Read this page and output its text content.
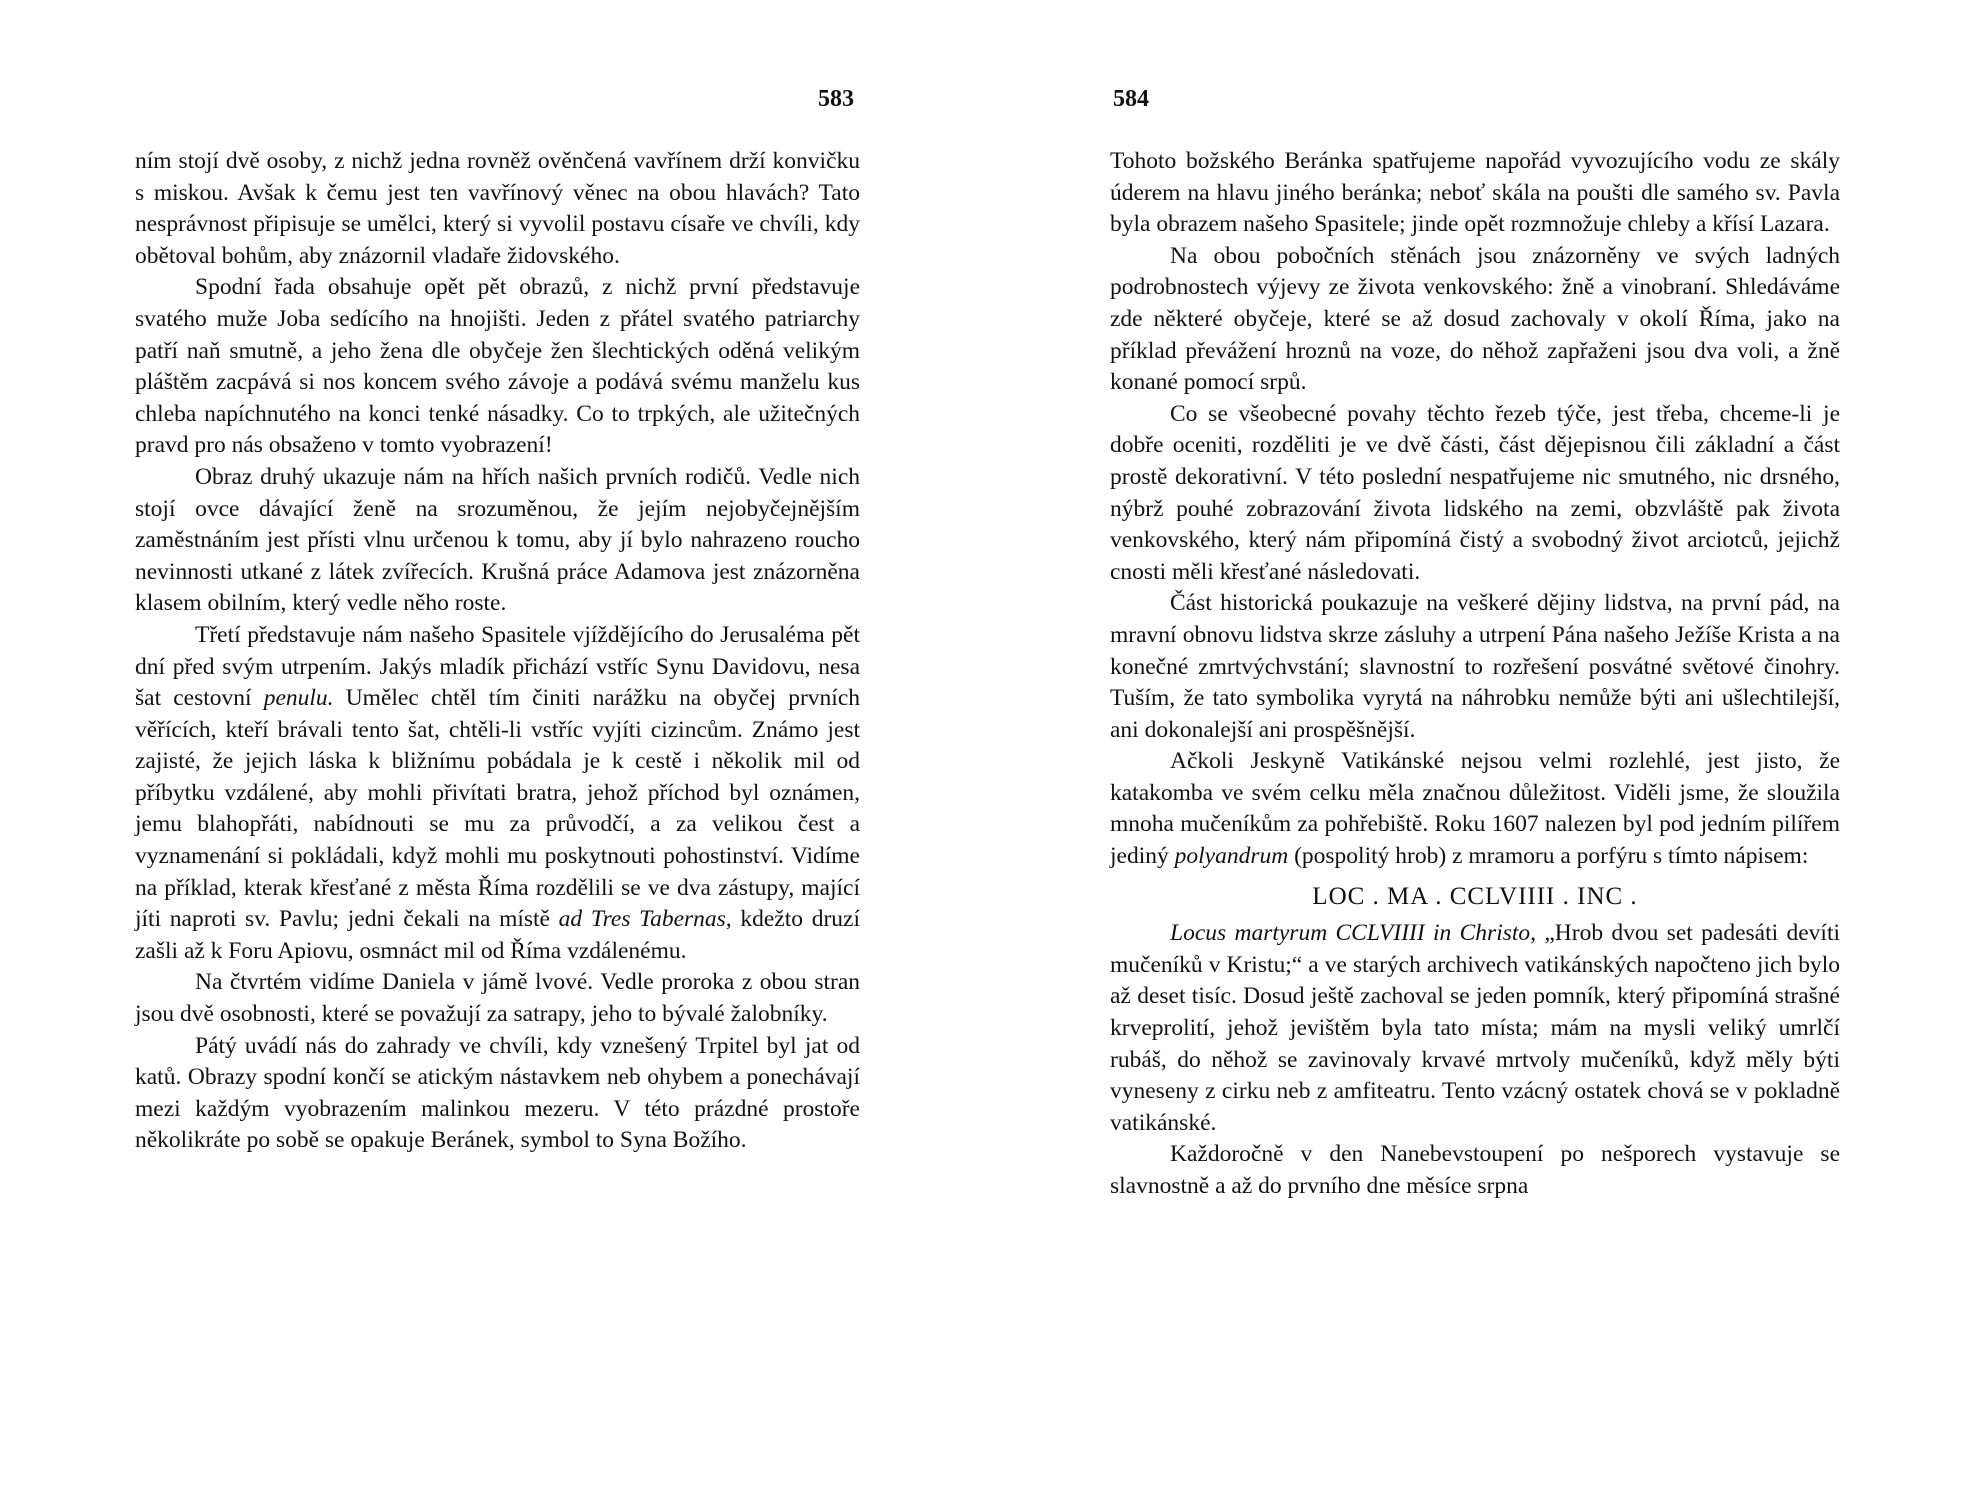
583

ním stojí dvě osoby, z nichž jedna rovněž ověnčená vavřínem drží konvičku s miskou. Avšak k čemu jest ten vavřínový věnec na obou hlavách? Tato nesprávnost připisuje se umělci, který si vyvolil postavu císaře ve chvíli, kdy obětoval bohům, aby znázornil vladaře židovského.

Spodní řada obsahuje opět pět obrazů, z nichž první představuje svatého muže Joba sedícího na hnojišti. Jeden z přátel svatého patriarchy patří naň smutně, a jeho žena dle obyčeje žen šlechtických oděná velikým pláštěm zacpává si nos koncem svého závoje a podává svému manželu kus chleba napíchnutého na konci tenké násadky. Co to trpkých, ale užitečných pravd pro nás obsaženo v tomto vyobrazení!

Obraz druhý ukazuje nám na hřích našich prvních rodičů. Vedle nich stojí ovce dávající ženě na srozuměnou, že jejím nejobyčejnějším zaměstnáním jest přísti vlnu určenou k tomu, aby jí bylo nahrazeno roucho nevinnosti utkané z látek zvířecích. Krušná práce Adamova jest znázorněna klasem obilním, který vedle něho roste.

Třetí představuje nám našeho Spasitele vjíždějícího do Jerusaléma pět dní před svým utrpením. Jakýs mladík přichází vstříc Synu Davidovu, nesa šat cestovní penulu. Umělec chtěl tím činiti narážku na obyčej prvních věřících, kteří brávali tento šat, chtěli-li vstříc vyjíti cizincům. Známo jest zajisté, že jejich láska k bližnímu pobádala je k cestě i několik mil od příbytku vzdálené, aby mohli přivítati bratra, jehož příchod byl oznámen, jemu blahopřáti, nabídnouti se mu za průvodčí, a za velikou čest a vyznamenání si pokládali, když mohli mu poskytnouti pohostinství. Vidíme na příklad, kterak křesťané z města Říma rozdělili se ve dva zástupy, mající jíti naproti sv. Pavlu; jedni čekali na místě ad Tres Tabernas, kdežto druzí zašli až k Foru Apiovu, osmnáct mil od Říma vzdálenému.

Na čtvrtém vidíme Daniela v jámě lvové. Vedle proroka z obou stran jsou dvě osobnosti, které se považují za satrapy, jeho to bývalé žalobníky.

Pátý uvádí nás do zahrady ve chvíli, kdy vznešený Trpitel byl jat od katů. Obrazy spodní končí se atickým nástavkem neb ohybem a ponechávají mezi každým vyobrazením malinkou mezeru. V této prázdné prostoře několikráte po sobě se opakuje Beránek, symbol to Syna Božího.

584

Tohoto božského Beránka spatřujeme napořád vyvozujícího vodu ze skály úderem na hlavu jiného beránka; neboť skála na poušti dle samého sv. Pavla byla obrazem našeho Spasitele; jinde opět rozmnožuje chleby a křísí Lazara.

Na obou pobočních stěnách jsou znázorněny ve svých ladných podrobnostech výjevy ze života venkovského: žně a vinobraní. Shledáváme zde některé obyčeje, které se až dosud zachovaly v okolí Říma, jako na příklad převážení hroznů na voze, do něhož zapřaženi jsou dva voli, a žně konané pomocí srpů.

Co se všeobecné povahy těchto řezeb týče, jest třeba, chceme-li je dobře oceniti, rozděliti je ve dvě části, část dějepisnou čili základní a část prostě dekorativní. V této poslední nespatřujeme nic smutného, nic drsného, nýbrž pouhé zobrazování života lidského na zemi, obzvláště pak života venkovského, který nám připomíná čistý a svobodný život arciotců, jejichž cnosti měli křesťané následovati.

Část historická poukazuje na veškeré dějiny lidstva, na první pád, na mravní obnovu lidstva skrze zásluhy a utrpení Pána našeho Ježíše Krista a na konečné zmrtvýchvstání; slavnostní to rozřešení posvátné světové činohry. Tuším, že tato symbolika vyrytá na náhrobku nemůže býti ani ušlechtilejší, ani dokonalejší ani prospěšnější.

Ačkoli Jeskyně Vatikánské nejsou velmi rozlehlé, jest jisto, že katakomba ve svém celku měla značnou důležitost. Viděli jsme, že sloužila mnoha mučeníkům za pohřebiště. Roku 1607 nalezen byl pod jedním pilířem jediný polyandrum (pospolitý hrob) z mramoru a porfýru s tímto nápisem:

LOC . MA . CCLVIIII . INC .

Locus martyrum CCLVIIII in Christo, „Hrob dvou set padesáti devíti mučeníků v Kristu;“ a ve starých archivech vatikánských napočteno jich bylo až deset tisíc. Dosud ještě zachoval se jeden pomník, který připomíná strašné krveprolití, jehož jevištěm byla tato místa; mám na mysli veliký umrlčí rubáš, do něhož se zavinovaly krvavé mrtvoly mučeníků, když měly býti vyneseny z cirku neb z amfiteatru. Tento vzácný ostatek chová se v pokladně vatikánské.

Každoročně v den Nanebevstoupení po nešporech vystavuje se slavnostně a až do prvního dne měsíce srpna
